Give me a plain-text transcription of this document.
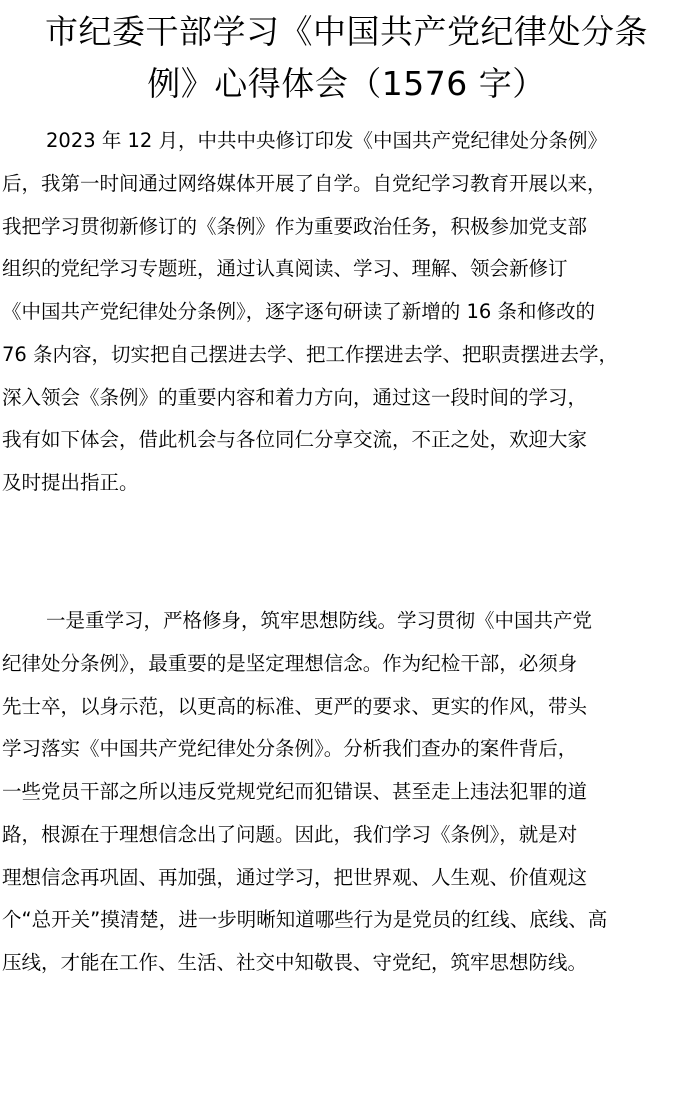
市纪委干部学习《中国共产党纪律处分条
例》心得体会（1576 字）
2023 年 12 月，中共中央修订印发《中国共产党纪律处分条例》
后，我第一时间通过网络媒体开展了自学。自党纪学习教育开展以来，
我把学习贯彻新修订的《条例》作为重要政治任务，积极参加党支部
组织的党纪学习专题班，通过认真阅读、学习、理解、领会新修订
《中国共产党纪律处分条例》，逐字逐句研读了新增的 16 条和修改的
76 条内容，切实把自己摆进去学、把工作摆进去学、把职责摆进去学，
深入领会《条例》的重要内容和着力方向，通过这一段时间的学习，
我有如下体会，借此机会与各位同仁分享交流，不正之处，欢迎大家
及时提出指正。
一是重学习，严格修身，筑牢思想防线。学习贯彻《中国共产党
纪律处分条例》，最重要的是坚定理想信念。作为纪检干部，必须身
先士卒，以身示范，以更高的标准、更严的要求、更实的作风，带头
学习落实《中国共产党纪律处分条例》。分析我们查办的案件背后，
一些党员干部之所以违反党规党纪而犯错误、甚至走上违法犯罪的道
路，根源在于理想信念出了问题。因此，我们学习《条例》，就是对
理想信念再巩固、再加强，通过学习，把世界观、人生观、价值观这
个“总开关”摸清楚，进一步明晰知道哪些行为是党员的红线、底线、高
压线，才能在工作、生活、社交中知敬畏、守党纪，筑牢思想防线。
